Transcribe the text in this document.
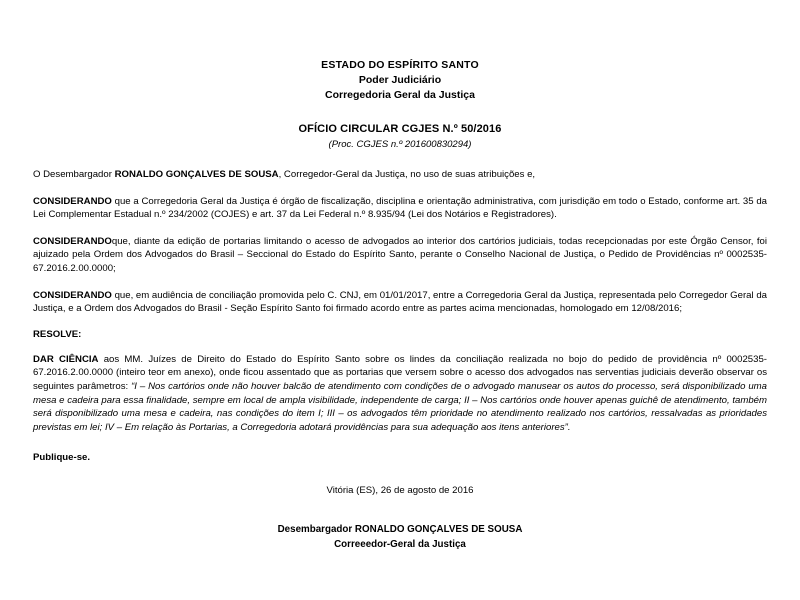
ESTADO DO ESPÍRITO SANTO
Poder Judiciário
Corregedoria Geral da Justiça
OFÍCIO CIRCULAR CGJES N.º 50/2016
(Proc. CGJES n.º 201600830294)

O Desembargador RONALDO GONÇALVES DE SOUSA, Corregedor-Geral da Justiça, no uso de suas atribuições e,

CONSIDERANDO que a Corregedoria Geral da Justiça é órgão de fiscalização, disciplina e orientação administrativa, com jurisdição em todo o Estado, conforme art. 35 da Lei Complementar Estadual n.º 234/2002 (COJES) e art. 37 da Lei Federal n.º 8.935/94 (Lei dos Notários e Registradores).

CONSIDERANDOque, diante da edição de portarias limitando o acesso de advogados ao interior dos cartórios judiciais, todas recepcionadas por este Órgão Censor, foi ajuizado pela Ordem dos Advogados do Brasil – Seccional do Estado do Espírito Santo, perante o Conselho Nacional de Justiça, o Pedido de Providências nº 0002535-67.2016.2.00.0000;

CONSIDERANDO que, em audiência de conciliação promovida pelo C. CNJ, em 01/01/2017, entre a Corregedoria Geral da Justiça, representada pelo Corregedor Geral da Justiça, e a Ordem dos Advogados do Brasil - Seção Espírito Santo foi firmado acordo entre as partes acima mencionadas, homologado em 12/08/2016;

RESOLVE:

DAR CIÊNCIA aos MM. Juízes de Direito do Estado do Espírito Santo sobre os lindes da conciliação realizada no bojo do pedido de providência nº 0002535-67.2016.2.00.0000 (inteiro teor em anexo), onde ficou assentado que as portarias que versem sobre o acesso dos advogados nas serventias judiciais deverão observar os seguintes parâmetros: “I – Nos cartórios onde não houver balcão de atendimento com condições de o advogado manusear os autos do processo, será disponibilizado uma mesa e cadeira para essa finalidade, sempre em local de ampla visibilidade, independente de carga; II – Nos cartórios onde houver apenas guichê de atendimento, também será disponibilizado uma mesa e cadeira, nas condições do item I; III – os advogados têm prioridade no atendimento realizado nos cartórios, ressalvadas as prioridades previstas em lei; IV – Em relação às Portarias, a Corregedoria adotará providências para sua adequação aos itens anteriores”.

Publique-se.
Vitória (ES), 26 de agosto de 2016
Desembargador RONALDO GONÇALVES DE SOUSA
Correeedor-Geral da Justiça
